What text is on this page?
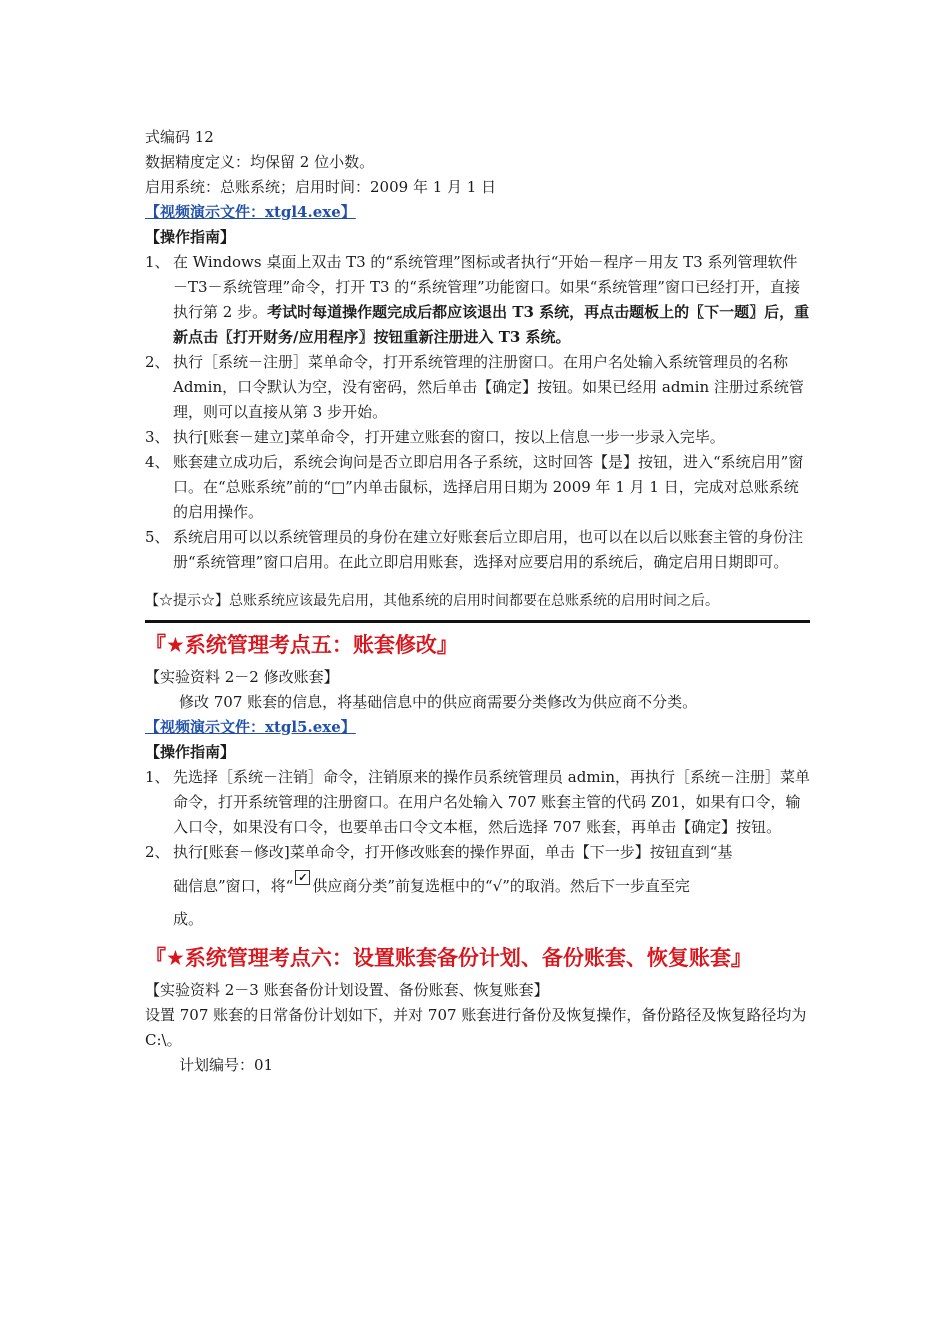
式编码 12
数据精度定义：均保留 2 位小数。
启用系统：总账系统；启用时间：2009 年 1 月 1 日
【视频演示文件：xtgl4.exe】
【操作指南】
1、 在 Windows 桌面上双击 T3 的“系统管理”图标或者执行“开始－程序－用友 T3 系列管理软件－T3－系统管理”命令，打开 T3 的“系统管理”功能窗口。如果“系统管理”窗口已经打开，直接执行第 2 步。考试时每道操作题完成后都应该退出 T3 系统，再点击题板上的〖下一题〗后，重新点击〖打开财务/应用程序〗按钮重新注册进入 T3 系统。
2、 执行［系统－注册］菜单命令，打开系统管理的注册窗口。在用户名处输入系统管理员的名称 Admin，口令默认为空，没有密码，然后单击【确定】按钮。如果已经用 admin 注册过系统管理，则可以直接从第 3 步开始。
3、 执行[账套－建立]菜单命令，打开建立账套的窗口，按以上信息一步一步录入完毕。
4、 账套建立成功后，系统会询问是否立即启用各子系统，这时回答【是】按钮，进入“系统启用”窗口。在“总账系统”前的“□”内单击鼠标，选择启用日期为 2009 年 1 月 1 日，完成对总账系统的启用操作。
5、 系统启用可以以系统管理员的身份在建立好账套后立即启用，也可以在以后以账套主管的身份注册“系统管理”窗口启用。在此立即启用账套，选择对应要启用的系统后，确定启用日期即可。
【☆提示☆】总账系统应该最先启用，其他系统的启用时间都要在总账系统的启用时间之后。
『★系统管理考点五：账套修改』
【实验资料 2－2 修改账套】
修改 707 账套的信息，将基础信息中的供应商需要分类修改为供应商不分类。
【视频演示文件：xtgl5.exe】
【操作指南】
1、 先选择［系统－注销］命令，注销原来的操作员系统管理员 admin，再执行［系统－注册］菜单命令，打开系统管理的注册窗口。在用户名处输入 707 账套主管的代码 Z01，如果有口令，输入口令，如果没有口令，也要单击口令文本框，然后选择 707 账套，再单击【确定】按钮。
2、 执行[账套－修改]菜单命令，打开修改账套的操作界面，单击【下一步】按钮直到“基
础信息”窗口，将“ ✓ 供应商分类”前复选框中的“√”的取消。然后下一步直至完
成。
『★系统管理考点六：设置账套备份计划、备份账套、恢复账套』
【实验资料 2－3 账套备份计划设置、备份账套、恢复账套】
设置 707 账套的日常备份计划如下，并对 707 账套进行备份及恢复操作，备份路径及恢复路径均为 C:\。
计划编号：01
